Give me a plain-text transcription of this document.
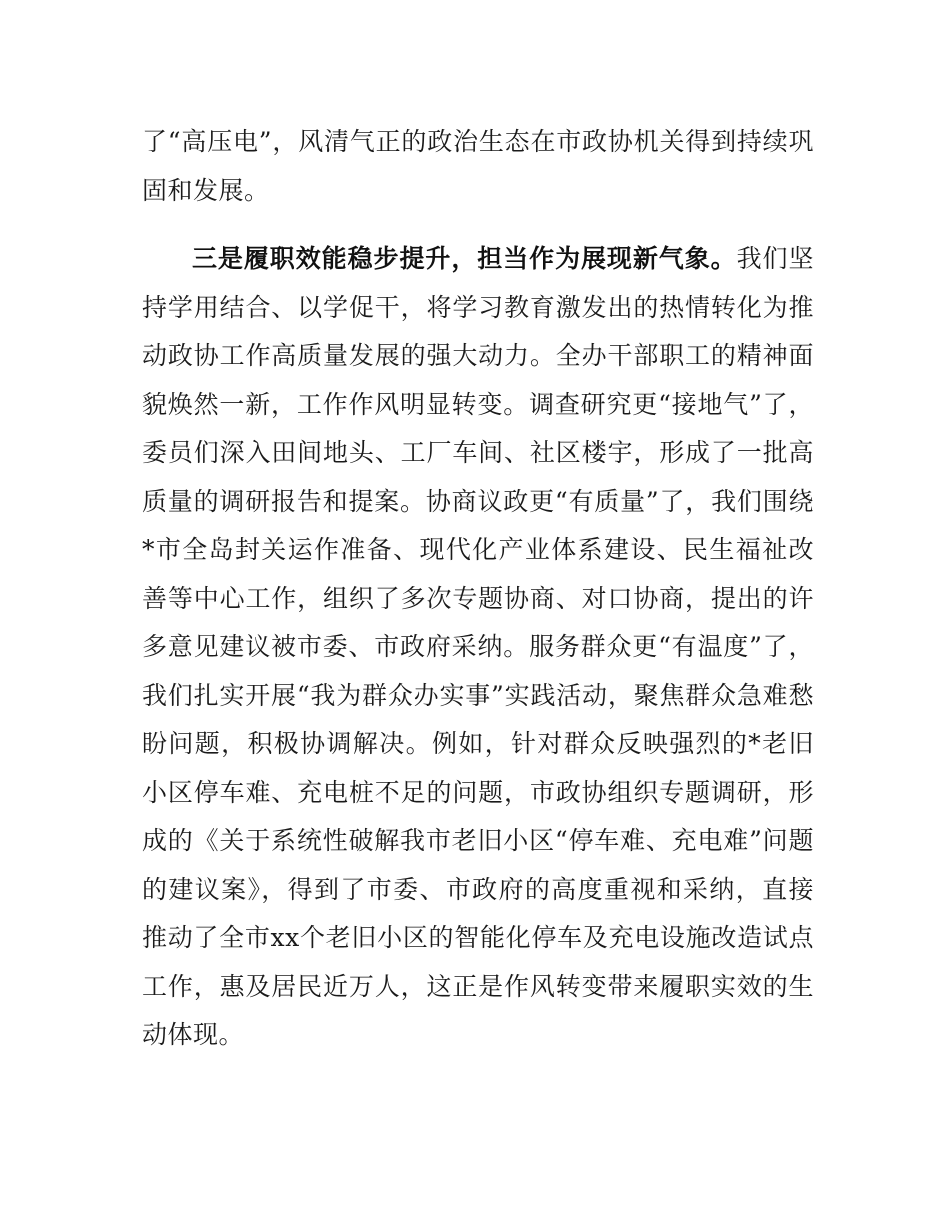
了“高压电”，风清气正的政治生态在市政协机关得到持续巩固和发展。

三是履职效能稳步提升，担当作为展现新气象。我们坚持学用结合、以学促干，将学习教育激发出的热情转化为推动政协工作高质量发展的强大动力。全办干部职工的精神面貌焕然一新，工作作风明显转变。调查研究更“接地气”了，委员们深入田间地头、工厂车间、社区楼宇，形成了一批高质量的调研报告和提案。协商议政更“有质量”了，我们围绕*市全岛封关运作准备、现代化产业体系建设、民生福祉改善等中心工作，组织了多次专题协商、对口协商，提出的许多意见建议被市委、市政府采纳。服务群众更“有温度”了，我们扎实开展“我为群众办实事”实践活动，聚焦群众急难愁盼问题，积极协调解决。例如，针对群众反映强烈的*老旧小区停车难、充电桩不足的问题，市政协组织专题调研，形成的《关于系统性破解我市老旧小区“停车难、充电难”问题的建议案》，得到了市委、市政府的高度重视和采纳，直接推动了全市xx个老旧小区的智能化停车及充电设施改造试点工作，惠及居民近万人，这正是作风转变带来履职实效的生动体现。
